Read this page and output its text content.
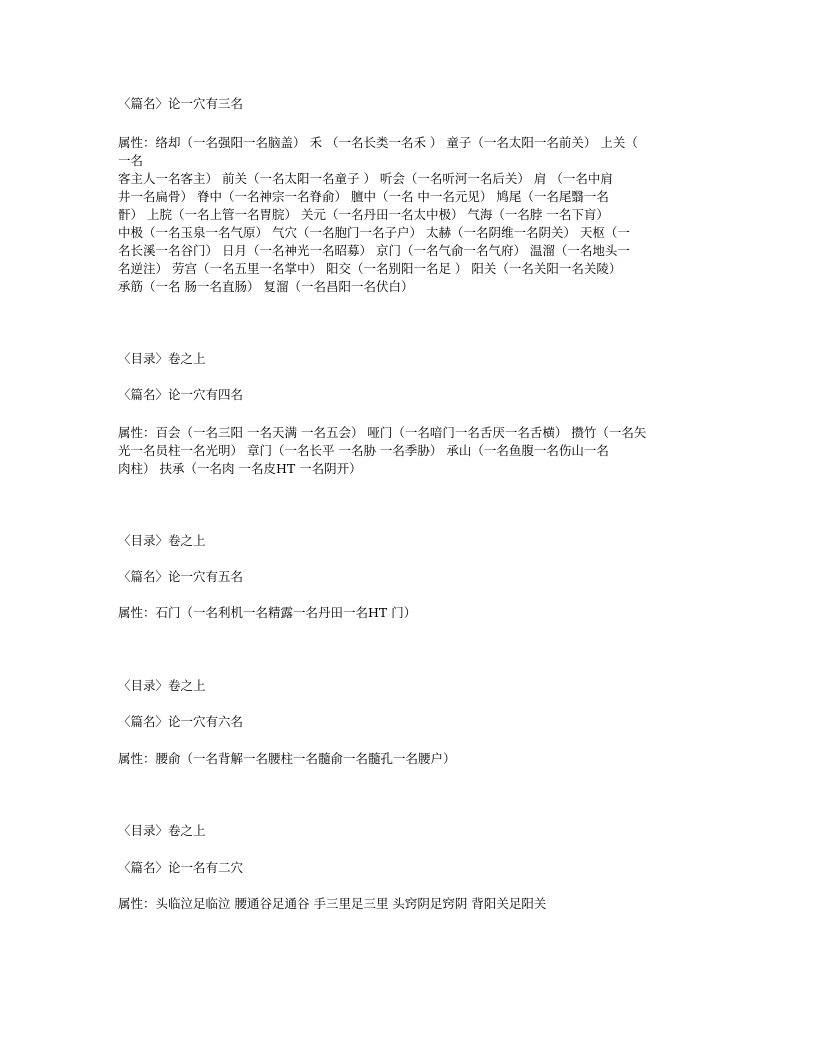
〈篇名〉论一穴有三名
属性：络却（一名强阳一名脑盖） 禾 （一名长类一名禾 ） 童子（一名太阳一名前关） 上关（
一名
客主人一名客主） 前关（一名太阳一名童子 ） 听会（一名听河一名后关） 肩 （一名中肩
井一名扁骨） 脊中（一名神宗一名脊俞） 膻中（一名 中一名元见） 鸠尾（一名尾翳一名
骭） 上脘（一名上管一名胃脘） 关元（一名丹田一名太中极） 气海（一名脖 一名下肓）
中极（一名玉泉一名气原） 气穴（一名胞门一名子户） 太赫（一名阴维一名阴关） 天枢（一
名长溪一名谷门） 日月（一名神光一名昭募） 京门（一名气俞一名气府） 温溜（一名地头一
名逆注） 劳宫（一名五里一名掌中） 阳交（一名别阳一名足 ） 阳关（一名关阳一名关陵）
承筋（一名 肠一名直肠） 复溜（一名昌阳一名伏白）
〈目录〉卷之上
〈篇名〉论一穴有四名
属性：百会（一名三阳 一名天满 一名五会） 哑门（一名喑门一名舌厌一名舌横） 攒竹（一名矢
光一名员柱一名光明） 章门（一名长平 一名胁 一名季胁） 承山（一名鱼腹一名伤山一名
肉柱） 扶承（一名肉 一名皮HT 一名阴开）
〈目录〉卷之上
〈篇名〉论一穴有五名
属性：石门（一名利机一名精露一名丹田一名HT 门）
〈目录〉卷之上
〈篇名〉论一穴有六名
属性：腰俞（一名背解一名腰柱一名髓俞一名髓孔一名腰户）
〈目录〉卷之上
〈篇名〉论一名有二穴
属性：头临泣足临泣 腰通谷足通谷 手三里足三里 头窍阴足窍阴 背阳关足阳关
